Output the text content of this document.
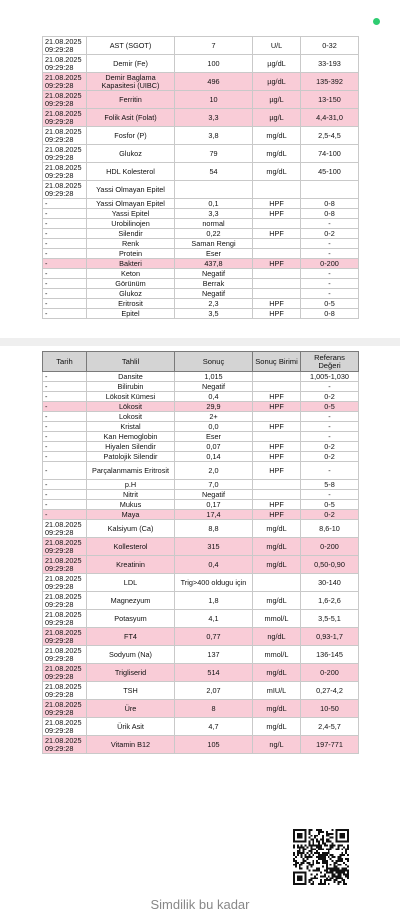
21.08.2025 09:29:28	AST (SGOT)	7	U/L	0-32
21.08.2025 09:29:28	Demir (Fe)	100	µg/dL	33-193
21.08.2025 09:29:28	Demir Baglama Kapasitesi (UIBC)	496	µg/dL	135-392
21.08.2025 09:29:28	Ferritin	10	µg/L	13-150
21.08.2025 09:29:28	Folik Asit (Folat)	3,3	µg/L	4,4-31,0
21.08.2025 09:29:28	Fosfor (P)	3,8	mg/dL	2,5-4,5
21.08.2025 09:29:28	Glukoz	79	mg/dL	74-100
21.08.2025 09:29:28	HDL Kolesterol	54	mg/dL	45-100
21.08.2025 09:29:28	Yassi Olmayan Epitel			
-	Yassi Olmayan Epitel	0,1	HPF	0-8
-	Yassi Epitel	3,3	HPF	0-8
-	Urobilinojen	normal		-
-	Silendir	0,22	HPF	0-2
-	Renk	Saman Rengi		-
-	Protein	Eser		-
-	Bakteri	437,8	HPF	0-200
-	Keton	Negatif		-
-	Görünüm	Berrak		-
-	Glukoz	Negatif		-
-	Eritrosit	2,3	HPF	0-5
-	Epitel	3,5	HPF	0-8
Tarih	Tahlil	Sonuç	Sonuç Birimi	Referans Değeri
-	Dansite	1,015		1,005-1,030
-	Bilirubin	Negatif		-
-	Lökosit Kümesi	0,4	HPF	0-2
-	Lökosit	29,9	HPF	0-5
-	Lokosit	2+		-
-	Kristal	0,0	HPF	-
-	Kan Hemoglobin	Eser		-
-	Hiyalen Silendir	0,07	HPF	0-2
-	Patolojik Silendir	0,14	HPF	0-2
-	Parçalanmamis Eritrosit	2,0	HPF	-
-	p.H	7,0		5-8
-	Nitrit	Negatif		-
-	Mukus	0,17	HPF	0-5
-	Maya	17,4	HPF	0-2
21.08.2025 09:29:28	Kalsiyum (Ca)	8,8	mg/dL	8,6-10
21.08.2025 09:29:28	Kollesterol	315	mg/dL	0-200
21.08.2025 09:29:28	Kreatinin	0,4	mg/dL	0,50-0,90
21.08.2025 09:29:28	LDL	Trig>400 oldugu için		30-140
21.08.2025 09:29:28	Magnezyum	1,8	mg/dL	1,6-2,6
21.08.2025 09:29:28	Potasyum	4,1	mmol/L	3,5-5,1
21.08.2025 09:29:28	FT4	0,77	ng/dL	0,93-1,7
21.08.2025 09:29:28	Sodyum (Na)	137	mmol/L	136-145
21.08.2025 09:29:28	Trigliserid	514	mg/dL	0-200
21.08.2025 09:29:28	TSH	2,07	mIU/L	0,27-4,2
21.08.2025 09:29:28	Üre	8	mg/dL	10-50
21.08.2025 09:29:28	Ürik Asit	4,7	mg/dL	2,4-5,7
21.08.2025 09:29:28	Vitamin B12	105	ng/L	197-771
Simdilik bu kadar
